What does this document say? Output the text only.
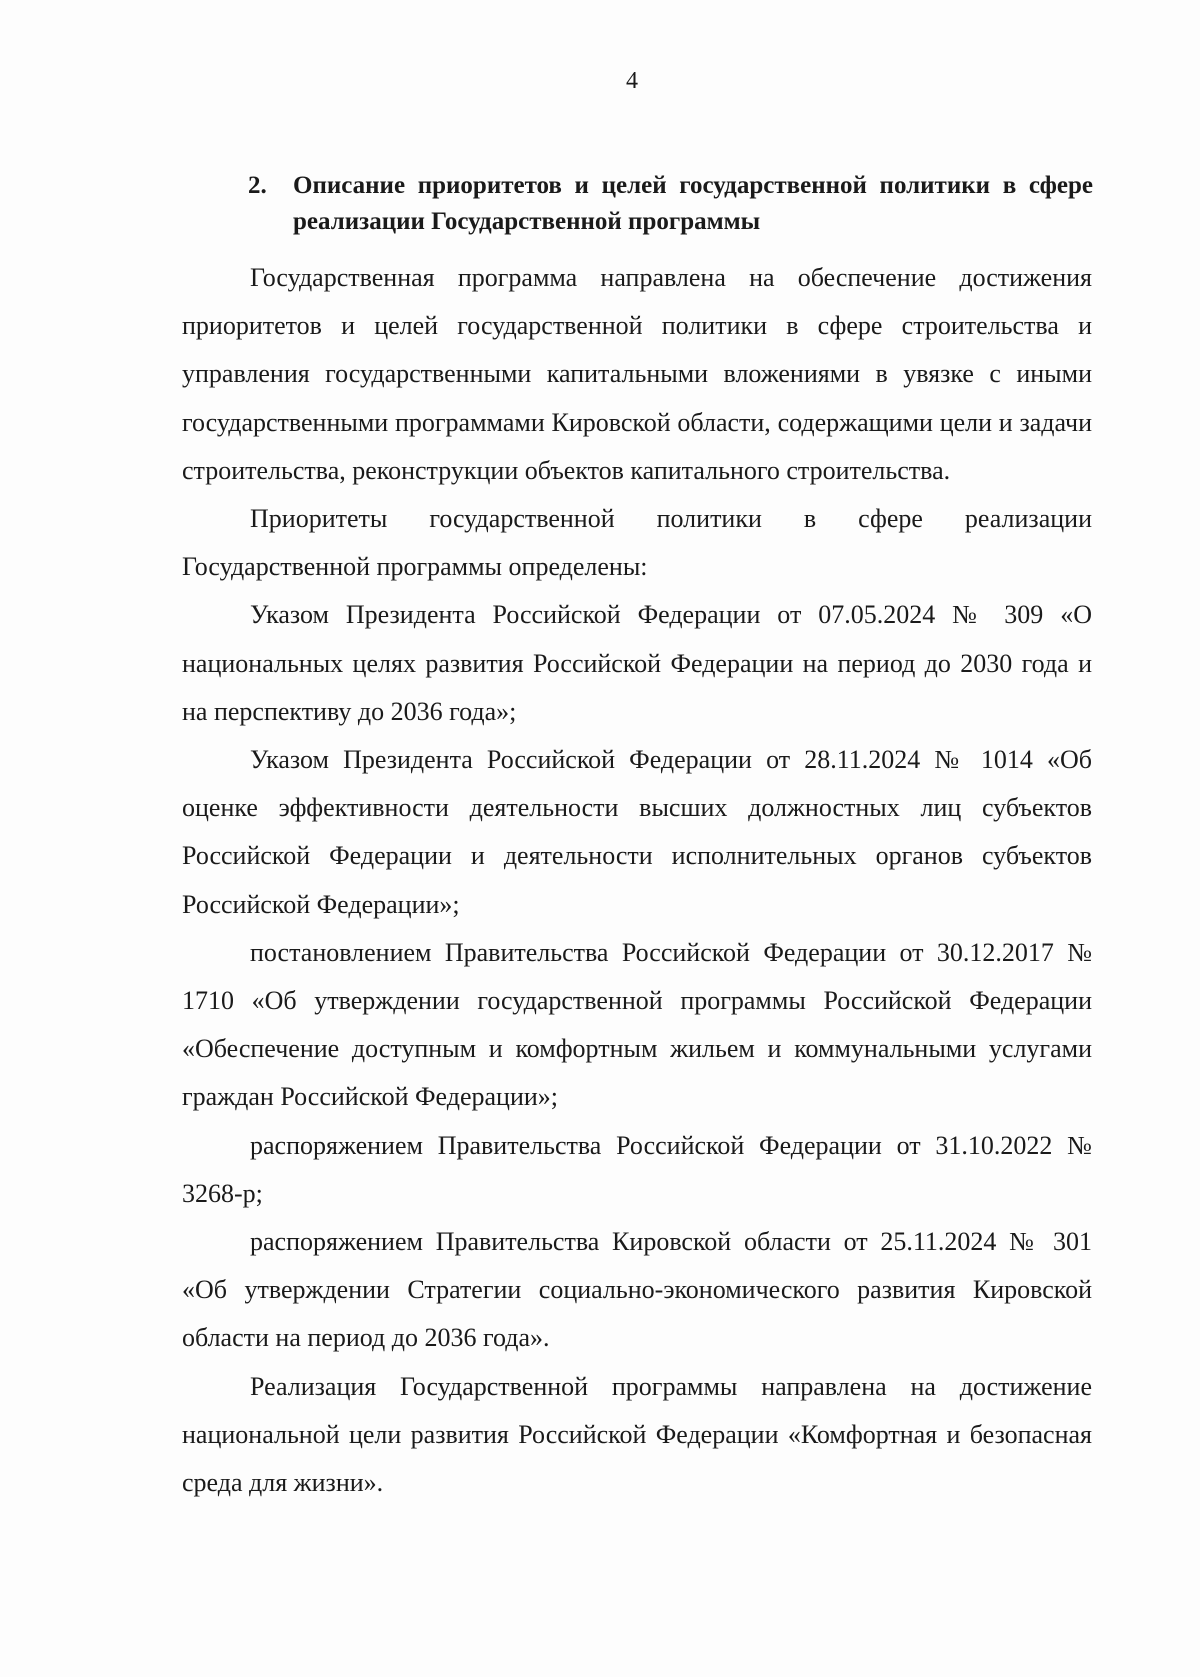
4
2.	Описание приоритетов и целей государственной политики в сфере реализации Государственной программы

Государственная программа направлена на обеспечение достижения приоритетов и целей государственной политики в сфере строительства и управления государственными капитальными вложениями в увязке с иными государственными программами Кировской области, содержащими цели и задачи строительства, реконструкции объектов капитального строительства.

Приоритеты государственной политики в сфере реализации Государственной программы определены:

Указом Президента Российской Федерации от 07.05.2024 № 309 «О национальных целях развития Российской Федерации на период до 2030 года и на перспективу до 2036 года»;

Указом Президента Российской Федерации от 28.11.2024 № 1014 «Об оценке эффективности деятельности высших должностных лиц субъектов Российской Федерации и деятельности исполнительных органов субъектов Российской Федерации»;

постановлением Правительства Российской Федерации от 30.12.2017 № 1710 «Об утверждении государственной программы Российской Федерации «Обеспечение доступным и комфортным жильем и коммунальными услугами граждан Российской Федерации»;

распоряжением Правительства Российской Федерации от 31.10.2022 № 3268-р;

распоряжением Правительства Кировской области от 25.11.2024 № 301 «Об утверждении Стратегии социально-экономического развития Кировской области на период до 2036 года».

Реализация Государственной программы направлена на достижение национальной цели развития Российской Федерации «Комфортная и безопасная среда для жизни».
